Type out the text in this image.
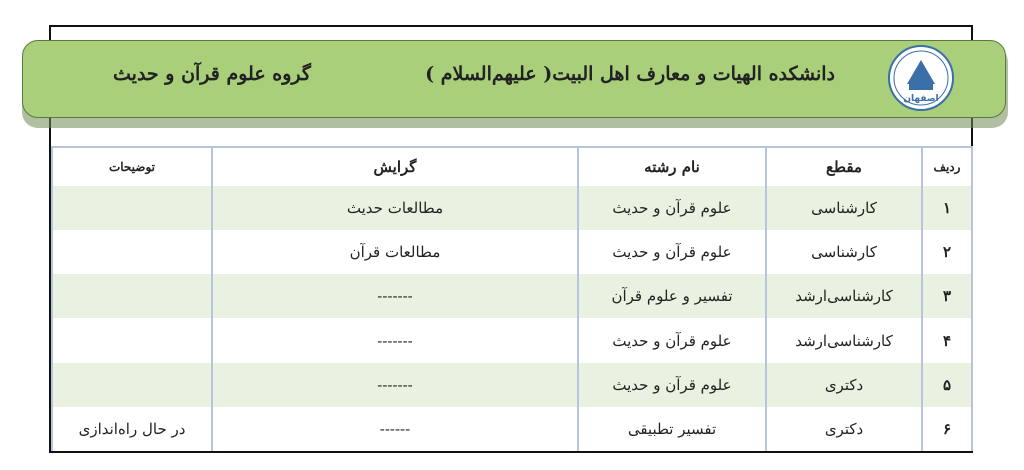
گروه علوم قرآن و حدیث	دانشکده الهیات و معارف اهل البیت( علیهم‌السلام )
اصفهان
ردیف	مقطع	نام رشته	گرایش	توضیحات
۱	کارشناسی	علوم قرآن و حدیث	مطالعات حدیث	
۲	کارشناسی	علوم قرآن و حدیث	مطالعات قرآن	
۳	کارشناسی‌ارشد	تفسیر و علوم قرآن	-------	
۴	کارشناسی‌ارشد	علوم قرآن و حدیث	-------	
۵	دکتری	علوم قرآن و حدیث	-------	
۶	دکتری	تفسیر تطبیقی	------	در حال راه‌اندازی
